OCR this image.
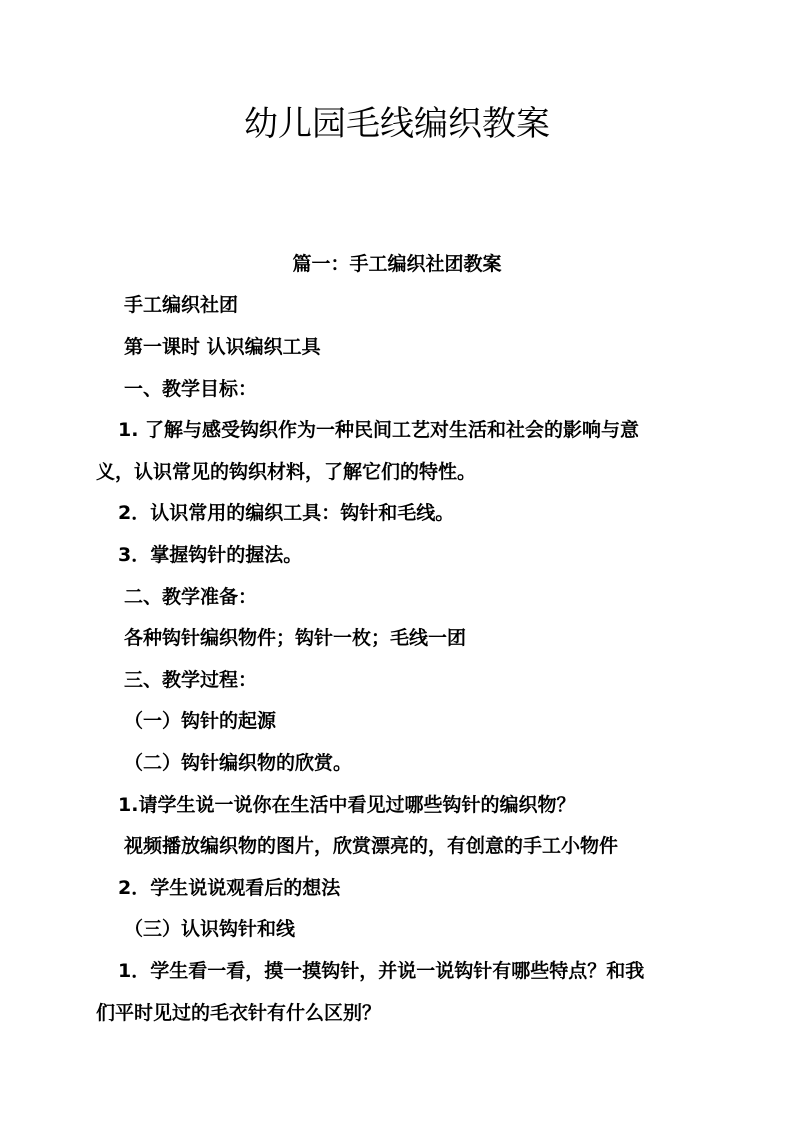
幼儿园毛线编织教案
篇一：手工编织社团教案

手工编织社团

第一课时 认识编织工具

一、教学目标：

1. 了解与感受钩织作为一种民间工艺对生活和社会的影响与意

义，认识常见的钩织材料，了解它们的特性。

2．认识常用的编织工具：钩针和毛线。

3．掌握钩针的握法。

二、教学准备：

各种钩针编织物件；钩针一枚；毛线一团

三、教学过程：

（一）钩针的起源

（二）钩针编织物的欣赏。

1.请学生说一说你在生活中看见过哪些钩针的编织物？

视频播放编织物的图片，欣赏漂亮的，有创意的手工小物件

2．学生说说观看后的想法

（三）认识钩针和线

1．学生看一看，摸一摸钩针，并说一说钩针有哪些特点？和我

们平时见过的毛衣针有什么区别？
